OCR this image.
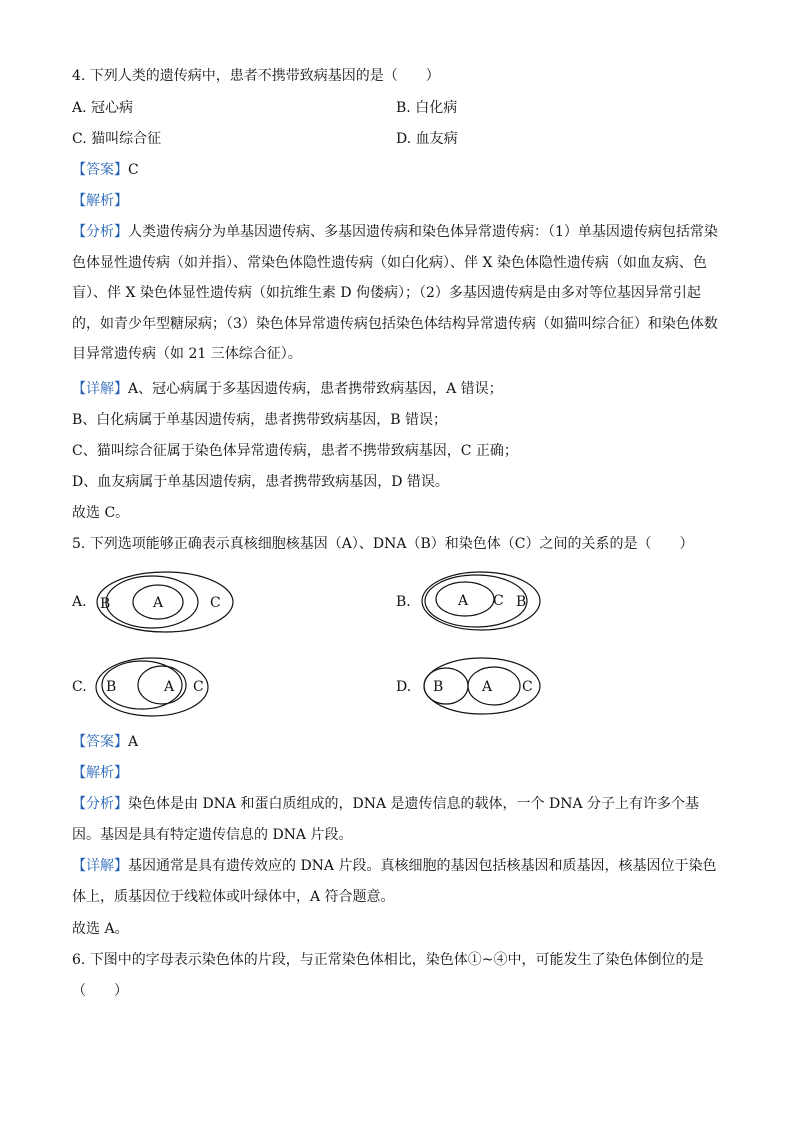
4. 下列人类的遗传病中，患者不携带致病基因的是（　　）
A. 冠心病	B. 白化病
C. 猫叫综合征	D. 血友病
【答案】C
【解析】
【分析】人类遗传病分为单基因遗传病、多基因遗传病和染色体异常遗传病：（1）单基因遗传病包括常染色体显性遗传病（如并指）、常染色体隐性遗传病（如白化病）、伴 X 染色体隐性遗传病（如血友病、色盲）、伴 X 染色体显性遗传病（如抗维生素 D 佝偻病）；（2）多基因遗传病是由多对等位基因异常引起的，如青少年型糖尿病；（3）染色体异常遗传病包括染色体结构异常遗传病（如猫叫综合征）和染色体数目异常遗传病（如 21 三体综合征）。
【详解】A、冠心病属于多基因遗传病，患者携带致病基因，A 错误；
B、白化病属于单基因遗传病，患者携带致病基因，B 错误；
C、猫叫综合征属于染色体异常遗传病，患者不携带致病基因，C 正确；
D、血友病属于单基因遗传病，患者携带致病基因，D 错误。
故选 C。
5. 下列选项能够正确表示真核细胞核基因（A）、DNA（B）和染色体（C）之间的关系的是（　　）
A.	A
B	C	B.	A C B
C. B	A C	D. B	A C
【答案】A
【解析】
【分析】染色体是由 DNA 和蛋白质组成的，DNA 是遗传信息的载体，一个 DNA 分子上有许多个基因。基因是具有特定遗传信息的 DNA 片段。
【详解】基因通常是具有遗传效应的 DNA 片段。真核细胞的基因包括核基因和质基因，核基因位于染色体上，质基因位于线粒体或叶绿体中，A 符合题意。
故选 A。
6. 下图中的字母表示染色体的片段，与正常染色体相比，染色体①~④中，可能发生了染色体倒位的是（　　）
